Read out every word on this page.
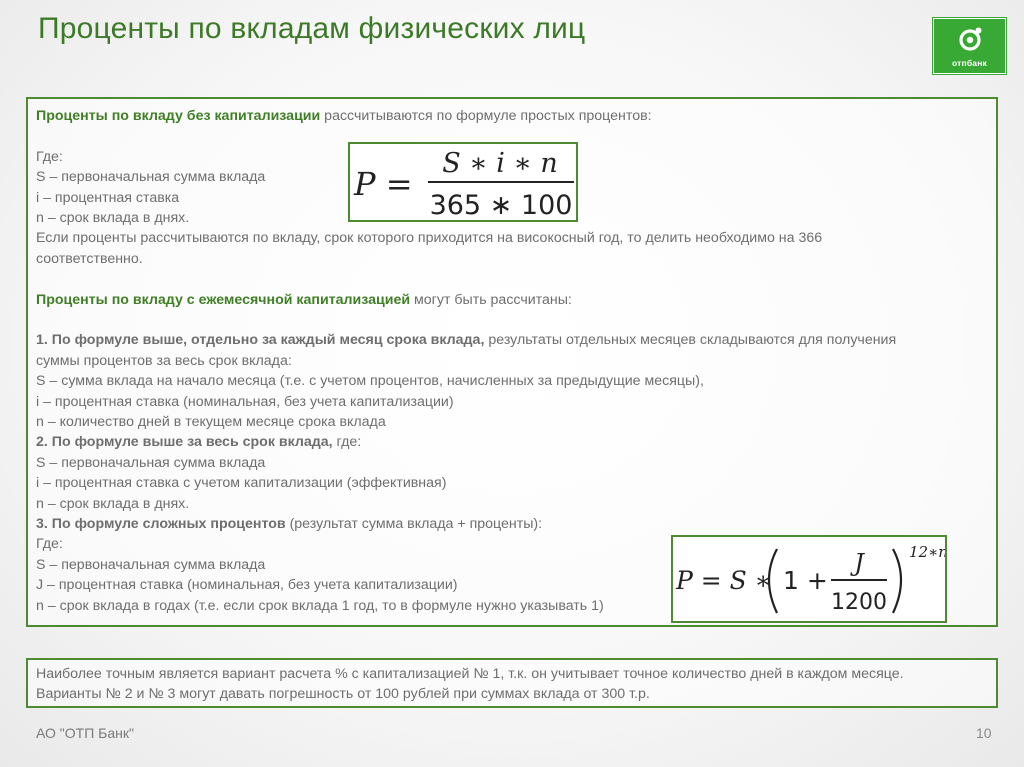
Проценты по вкладам физических лиц
отпбанк

Проценты по вкладу без капитализации рассчитываются по формуле простых процентов:

Где:

S – первоначальная сумма вклада

i – процентная ставка

n – срок вклада в днях.

Если проценты рассчитываются по вкладу, срок которого приходится на високосный год, то делить необходимо на 366

соответственно.

Проценты по вкладу с ежемесячной капитализацией могут быть рассчитаны:

1. По формуле выше, отдельно за каждый месяц срока вклада, результаты отдельных месяцев складываются для получения

суммы процентов за весь срок вклада:

S – сумма вклада на начало месяца (т.е. с учетом процентов, начисленных за предыдущие месяцы),

i – процентная ставка (номинальная, без учета капитализации)

n – количество дней в текущем месяце срока вклада

2. По формуле выше за весь срок вклада, где:

S – первоначальная сумма вклада

i – процентная ставка с учетом капитализации (эффективная)

n – срок вклада в днях.

3. По формуле сложных процентов (результат сумма вклада + проценты):

Где:

S – первоначальная сумма вклада

J – процентная ставка (номинальная, без учета капитализации)

n – срок вклада в годах (т.е. если срок вклада 1 год, то в формуле нужно указывать 1)

P =
S ∗ i ∗ n
365 ∗ 100
P = S ∗ 1 +
J
1200
12∗n

Наиболее точным является вариант расчета % с капитализацией № 1, т.к. он учитывает точное количество дней в каждом месяце.

Варианты № 2 и № 3 могут давать погрешность от 100 рублей при суммах вклада от 300 т.р.

АО "ОТП Банк"	10
